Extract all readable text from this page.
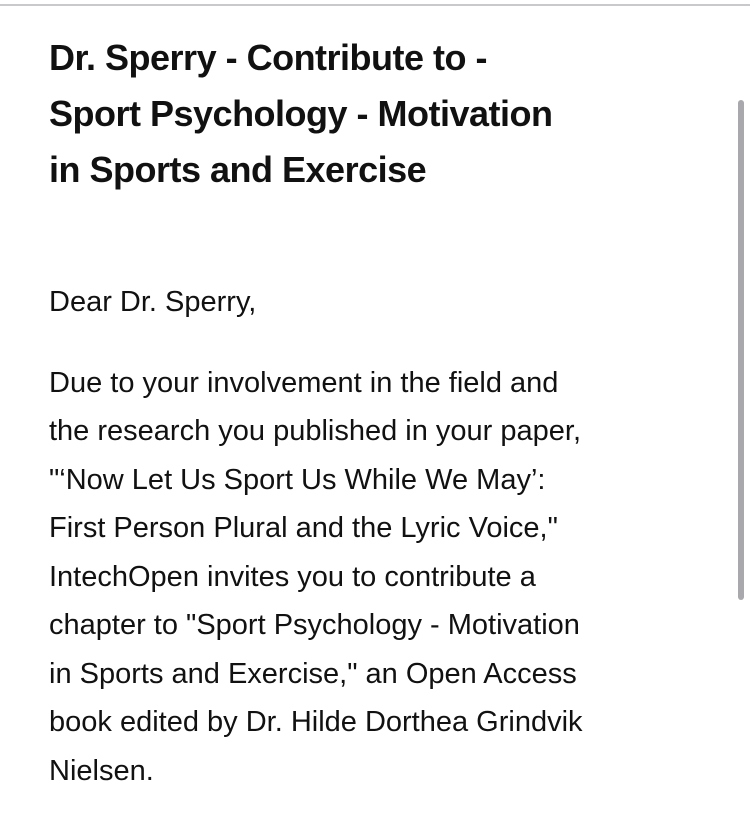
Dr. Sperry - Contribute to -
Sport Psychology - Motivation
in Sports and Exercise

Dear Dr. Sperry,

Due to your involvement in the field and
the research you published in your paper,
"‘Now Let Us Sport Us While We May’:
First Person Plural and the Lyric Voice,"
IntechOpen invites you to contribute a
chapter to "Sport Psychology - Motivation
in Sports and Exercise," an Open Access
book edited by Dr. Hilde Dorthea Grindvik
Nielsen.
